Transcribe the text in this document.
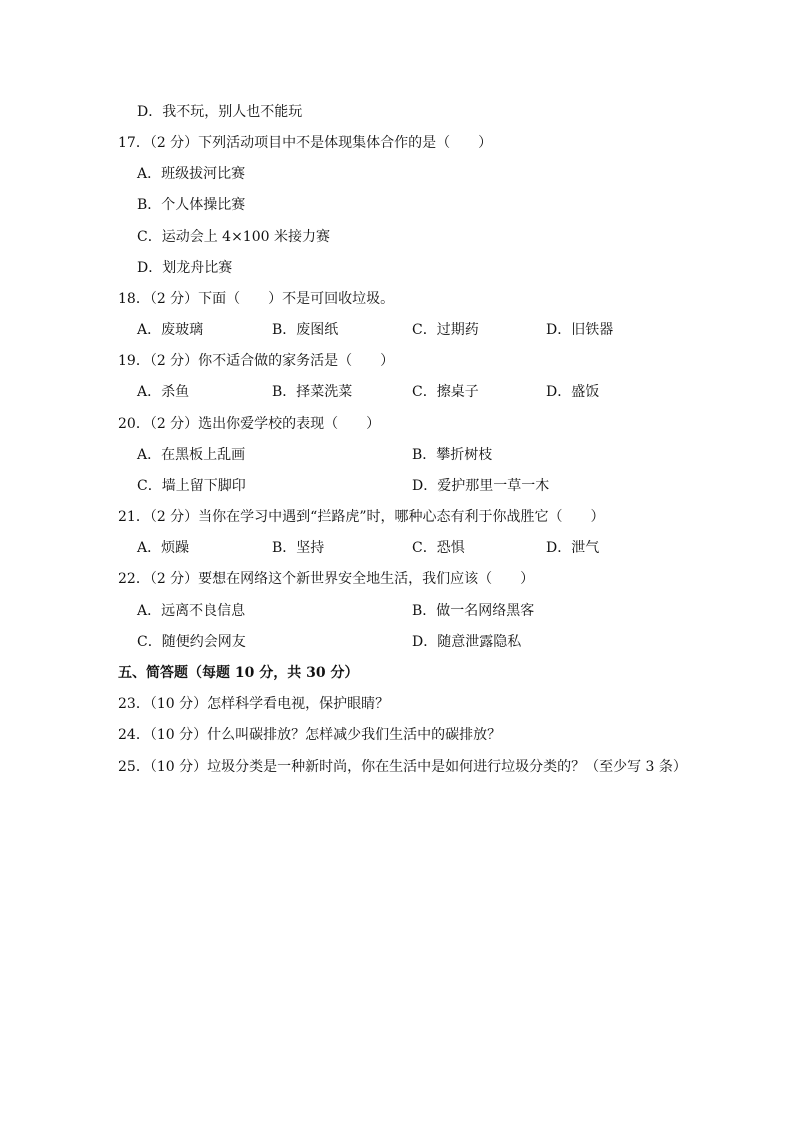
D．我不玩，别人也不能玩
17．（2 分）下列活动项目中不是体现集体合作的是（　　）
A．班级拔河比赛
B．个人体操比赛
C．运动会上 4×100 米接力赛
D．划龙舟比赛
18．（2 分）下面（　　）不是可回收垃圾。
A．废玻璃	B．废图纸	C．过期药	D．旧铁器
19．（2 分）你不适合做的家务活是（　　）
A．杀鱼	B．择菜洗菜	C．擦桌子	D．盛饭
20．（2 分）选出你爱学校的表现（　　）
A．在黑板上乱画	B．攀折树枝
C．墙上留下脚印	D．爱护那里一草一木
21．（2 分）当你在学习中遇到“拦路虎”时，哪种心态有利于你战胜它（　　）
A．烦躁	B．坚持	C．恐惧	D．泄气
22．（2 分）要想在网络这个新世界安全地生活，我们应该（　　）
A．远离不良信息	B．做一名网络黑客
C．随便约会网友	D．随意泄露隐私
五、简答题（每题 10 分，共 30 分）
23．（10 分）怎样科学看电视，保护眼睛？
24．（10 分）什么叫碳排放？怎样减少我们生活中的碳排放？
25．（10 分）垃圾分类是一种新时尚，你在生活中是如何进行垃圾分类的？（至少写 3 条）
